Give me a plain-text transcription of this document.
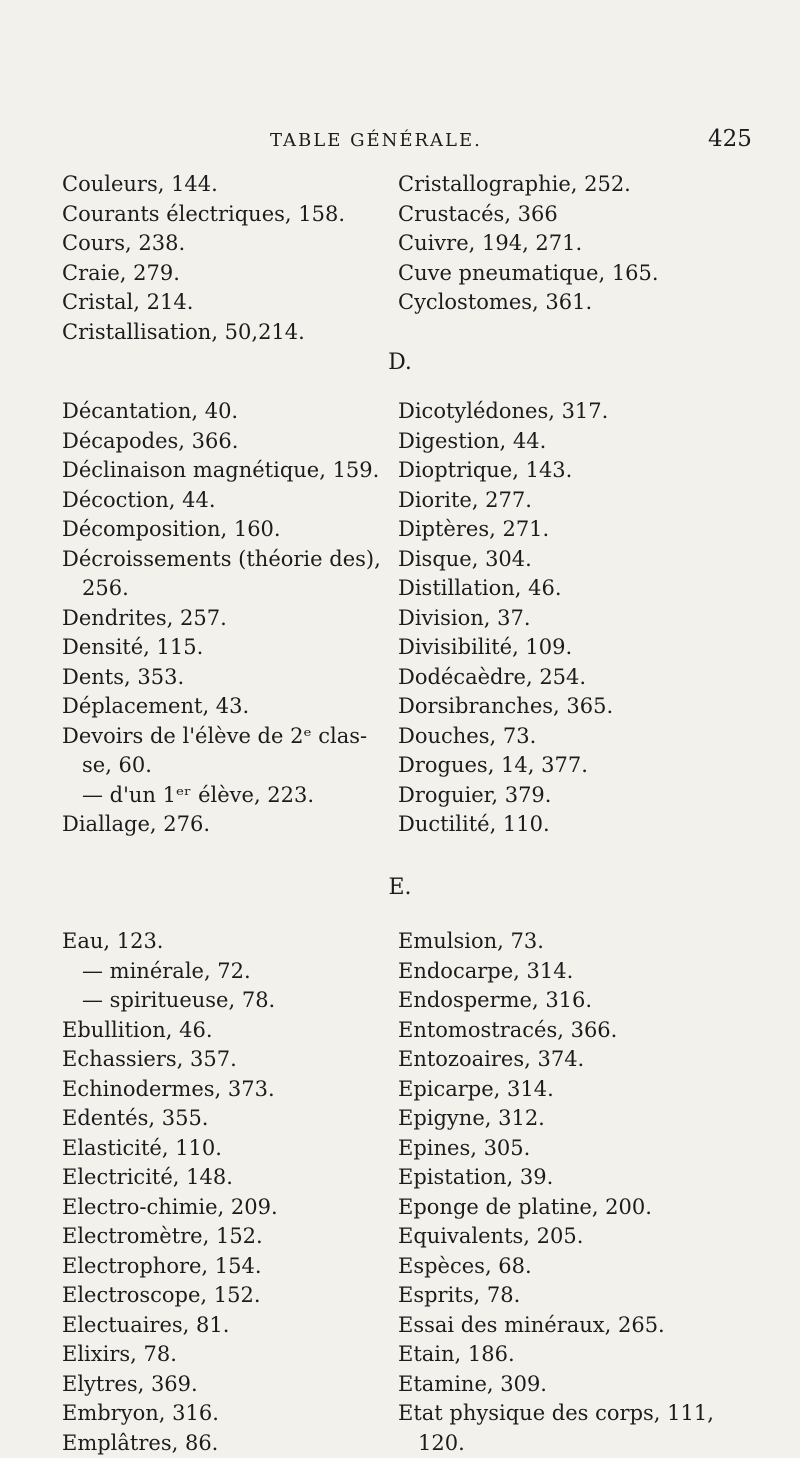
TABLE GÉNÉRALE.	425
Couleurs, 144.
Courants électriques, 158.
Cours, 238.
Craie, 279.
Cristal, 214.
Cristallisation, 50,214.
Cristallographie, 252.
Crustacés, 366
Cuivre, 194, 271.
Cuve pneumatique, 165.
Cyclostomes, 361.
D.
Décantation, 40.
Décapodes, 366.
Déclinaison magnétique, 159.
Décoction, 44.
Décomposition, 160.
Décroissements (théorie des),
256.
Dendrites, 257.
Densité, 115.
Dents, 353.
Déplacement, 43.
Devoirs de l'élève de 2ᵉ clas-
se, 60.
— d'un 1ᵉʳ élève, 223.
Diallage, 276.
Dicotylédones, 317.
Digestion, 44.
Dioptrique, 143.
Diorite, 277.
Diptères, 271.
Disque, 304.
Distillation, 46.
Division, 37.
Divisibilité, 109.
Dodécaèdre, 254.
Dorsibranches, 365.
Douches, 73.
Drogues, 14, 377.
Droguier, 379.
Ductilité, 110.
E.
Eau, 123.
— minérale, 72.
— spiritueuse, 78.
Ebullition, 46.
Echassiers, 357.
Echinodermes, 373.
Edentés, 355.
Elasticité, 110.
Electricité, 148.
Electro-chimie, 209.
Electromètre, 152.
Electrophore, 154.
Electroscope, 152.
Electuaires, 81.
Elixirs, 78.
Elytres, 369.
Embryon, 316.
Emplâtres, 86.
Emulsion, 73.
Endocarpe, 314.
Endosperme, 316.
Entomostracés, 366.
Entozoaires, 374.
Epicarpe, 314.
Epigyne, 312.
Epines, 305.
Epistation, 39.
Eponge de platine, 200.
Equivalents, 205.
Espèces, 68.
Esprits, 78.
Essai des minéraux, 265.
Etain, 186.
Etamine, 309.
Etat physique des corps, 111,
120.
